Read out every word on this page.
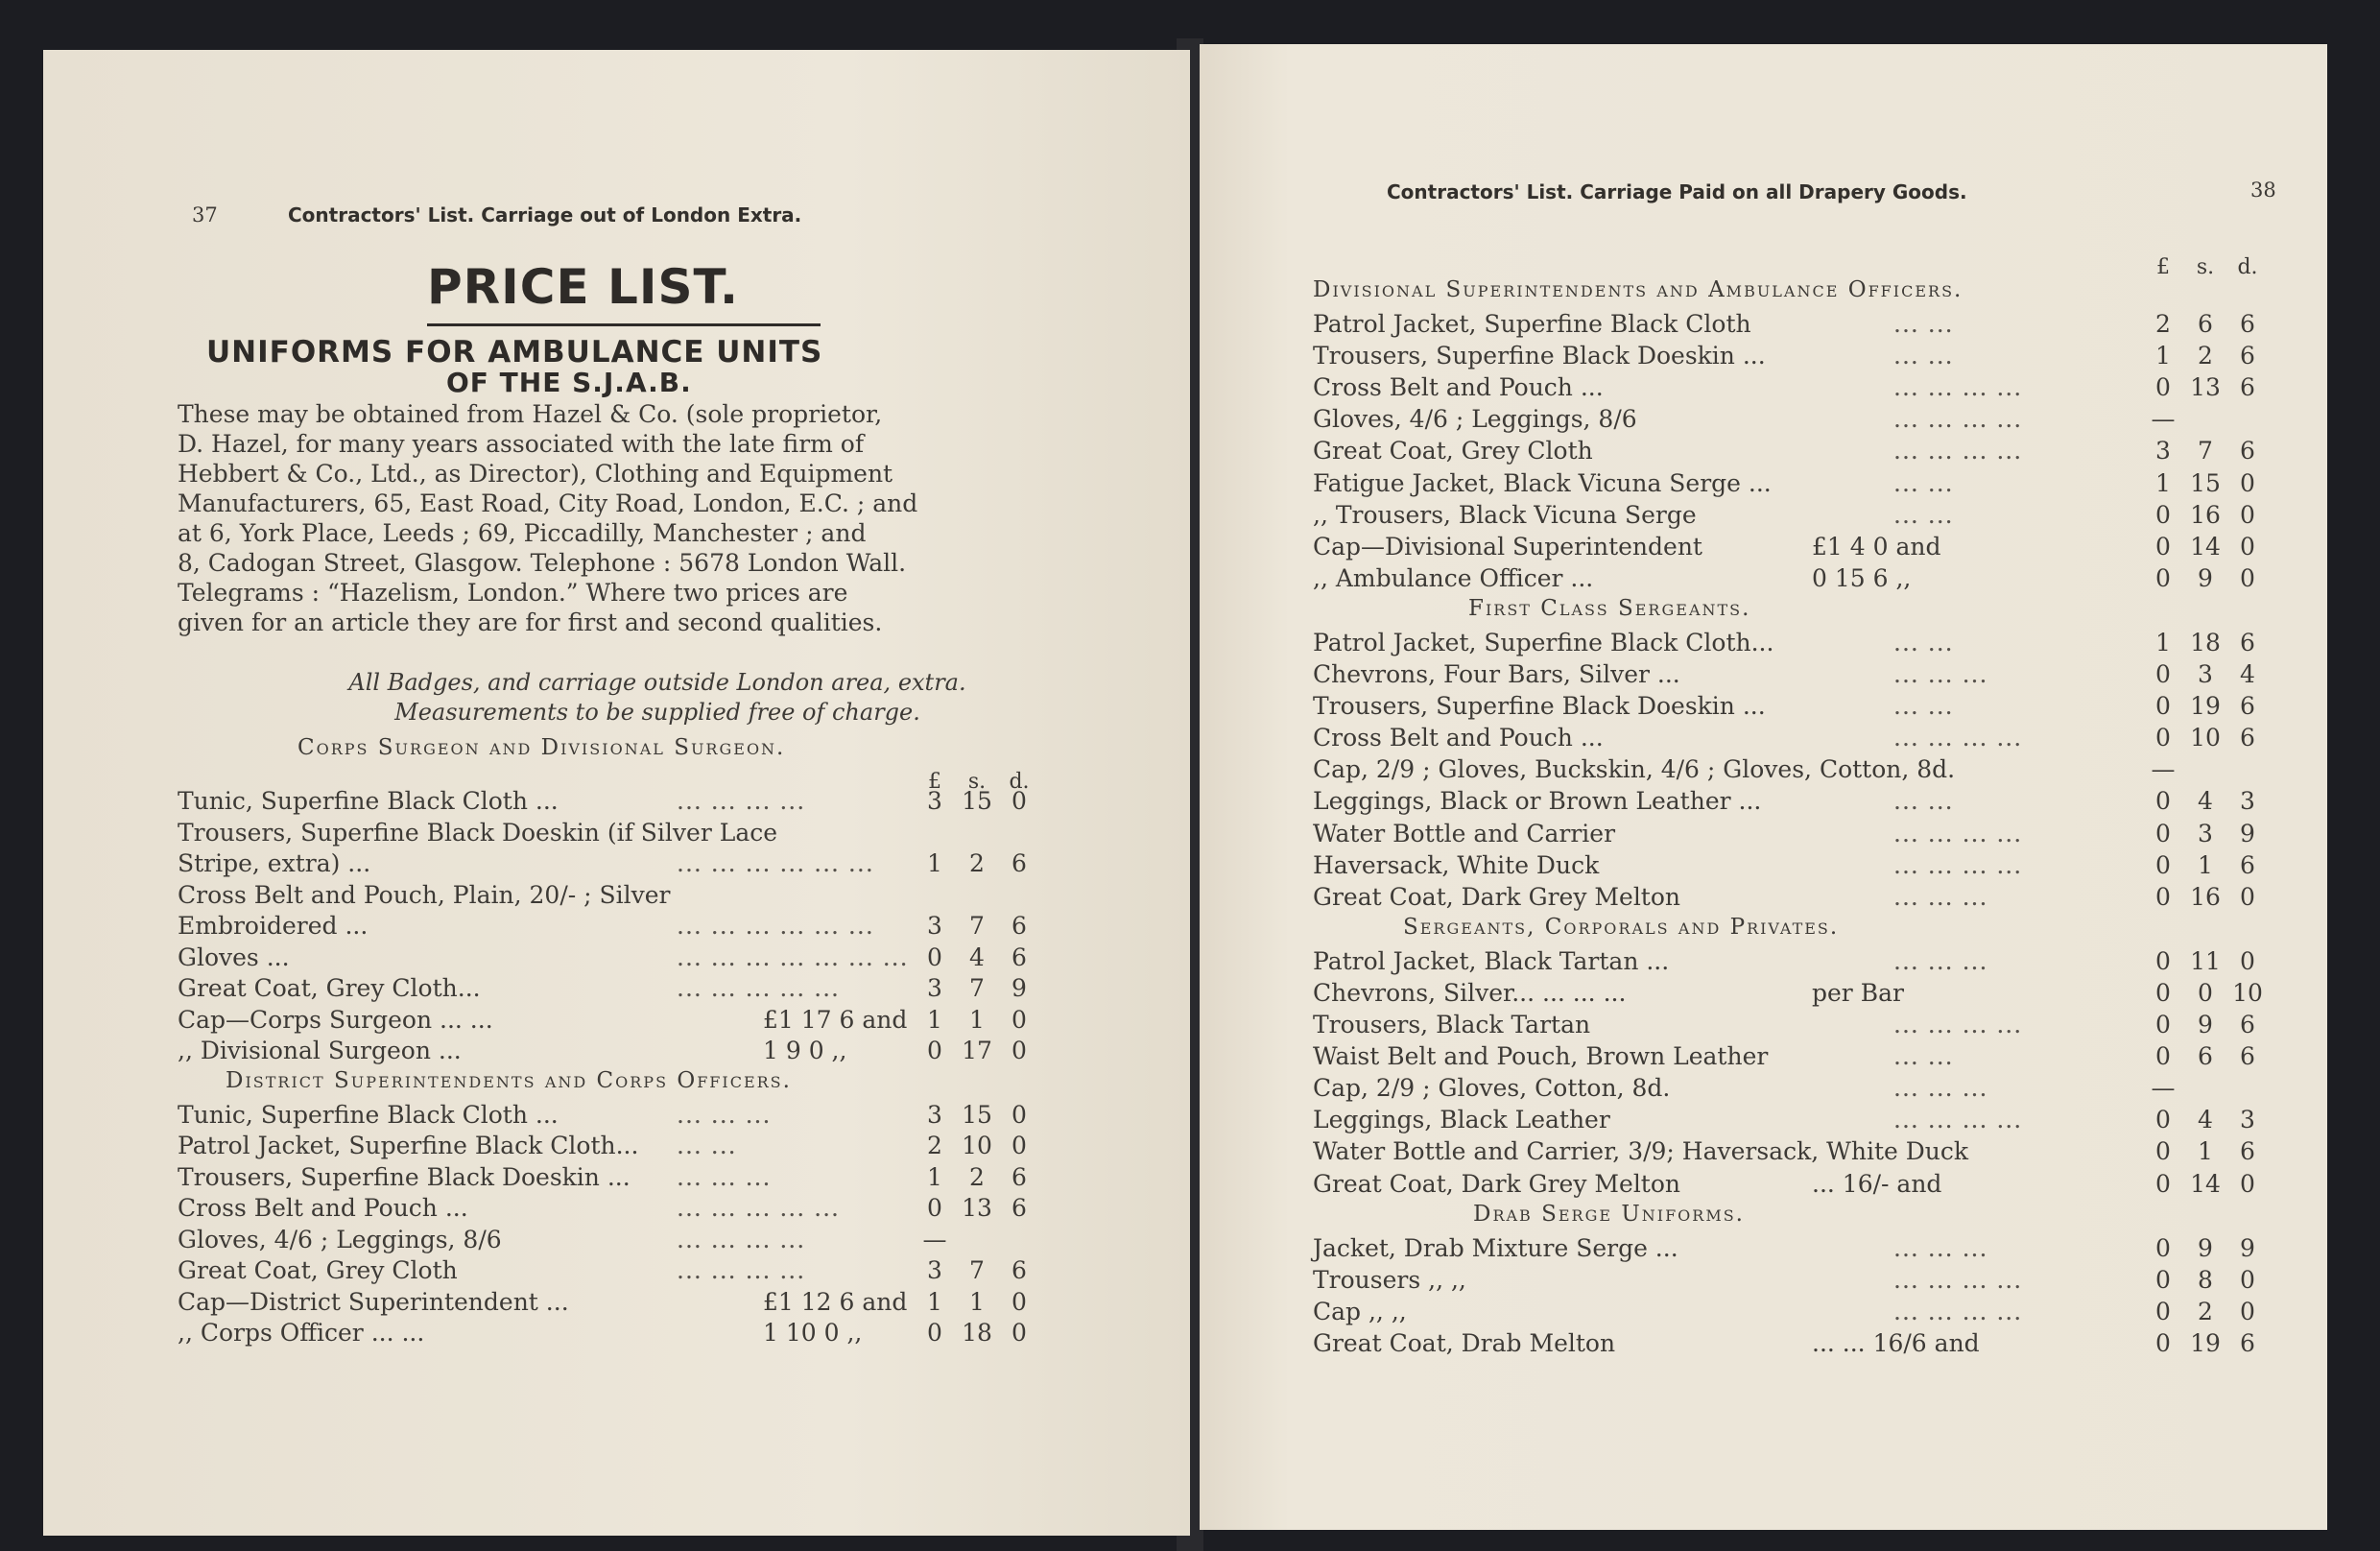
37	Contractors' List. Carriage out of London Extra.
PRICE LIST.
UNIFORMS FOR AMBULANCE UNITS
OF THE S.J.A.B.
These may be obtained from Hazel & Co. (sole proprietor,
D. Hazel, for many years associated with the late firm of
Hebbert & Co., Ltd., as Director), Clothing and Equipment
Manufacturers, 65, East Road, City Road, London, E.C. ; and
at 6, York Place, Leeds ; 69, Piccadilly, Manchester ; and
8, Cadogan Street, Glasgow. Telephone : 5678 London Wall.
Telegrams : “Hazelism, London.” Where two prices are
given for an article they are for first and second qualities.
All Badges, and carriage outside London area, extra.
Measurements to be supplied free of charge.
Corps Surgeon and Divisional Surgeon.
£	s.	d.
Tunic, Superfine Black Cloth ...	... ... ... ...	3 15 0
Trousers, Superfine Black Doeskin (if Silver Lace
Stripe, extra) ...	... ... ... ... ... ...	1	2	6
Cross Belt and Pouch, Plain, 20/- ; Silver
Embroidered ...	... ... ... ... ... ...	3	7	6
Gloves ...	... ... ... ... ... ... ... 0	4	6
Great Coat, Grey Cloth...	... ... ... ... ...	3	7	9
Cap—Corps Surgeon ... ...	£1 17 6 and 1	1	0
,, Divisional Surgeon ...	1 9 0 ,,	0 17 0
District Superintendents and Corps Officers.
Tunic, Superfine Black Cloth ...	... ... ...	3 15 0
Patrol Jacket, Superfine Black Cloth... ... ...	2 10 0
Trousers, Superfine Black Doeskin ... ... ... ...	1	2	6
Cross Belt and Pouch ...	... ... ... ... ...	0 13 6
Gloves, 4/6 ; Leggings, 8/6	... ... ... ...	—
Great Coat, Grey Cloth	... ... ... ...	3	7	6
Cap—District Superintendent ...	£1 12 6 and 1	1	0
,, Corps Officer ... ...	1 10 0 ,,	0 18 0
Contractors' List. Carriage Paid on all Drapery Goods.	38
£	s.	d.
Divisional Superintendents and Ambulance Officers.
Patrol Jacket, Superfine Black Cloth	... ...	2	6	6
Trousers, Superfine Black Doeskin ...	... ...	1	2	6
Cross Belt and Pouch ...	... ... ... ...	0 13 6
Gloves, 4/6 ; Leggings, 8/6	... ... ... ...	—
Great Coat, Grey Cloth	... ... ... ...	3	7	6
Fatigue Jacket, Black Vicuna Serge ...	... ...	1 15 0
,, Trousers, Black Vicuna Serge	... ...	0 16 0
Cap—Divisional Superintendent	£1 4 0 and	0 14 0
,, Ambulance Officer ...	0 15 6 ,,	0	9	0
First Class Sergeants.
Patrol Jacket, Superfine Black Cloth...	... ...	1 18 6
Chevrons, Four Bars, Silver ...	... ... ...	0	3	4
Trousers, Superfine Black Doeskin ...	... ...	0 19 6
Cross Belt and Pouch ...	... ... ... ...	0 10 6
Cap, 2/9 ; Gloves, Buckskin, 4/6 ; Gloves, Cotton, 8d.	—
Leggings, Black or Brown Leather ...	... ...	0	4	3
Water Bottle and Carrier	... ... ... ...	0	3	9
Haversack, White Duck	... ... ... ...	0	1	6
Great Coat, Dark Grey Melton	... ... ...	0 16 0
Sergeants, Corporals and Privates.
Patrol Jacket, Black Tartan ...	... ... ...	0 11 0
Chevrons, Silver... ... ... ...	per Bar	0	0 10
Trousers, Black Tartan	... ... ... ...	0	9	6
Waist Belt and Pouch, Brown Leather	... ...	0	6	6
Cap, 2/9 ; Gloves, Cotton, 8d.	... ... ...	—
Leggings, Black Leather	... ... ... ...	0	4	3
Water Bottle and Carrier, 3/9; Haversack, White Duck	0	1	6
Great Coat, Dark Grey Melton	... 16/- and	0 14 0
Drab Serge Uniforms.
Jacket, Drab Mixture Serge ...	... ... ...	0	9	9
Trousers ,, ,,	... ... ... ...	0	8	0
Cap ,, ,,	... ... ... ...	0	2	0
Great Coat, Drab Melton	... ... 16/6 and	0 19 6
